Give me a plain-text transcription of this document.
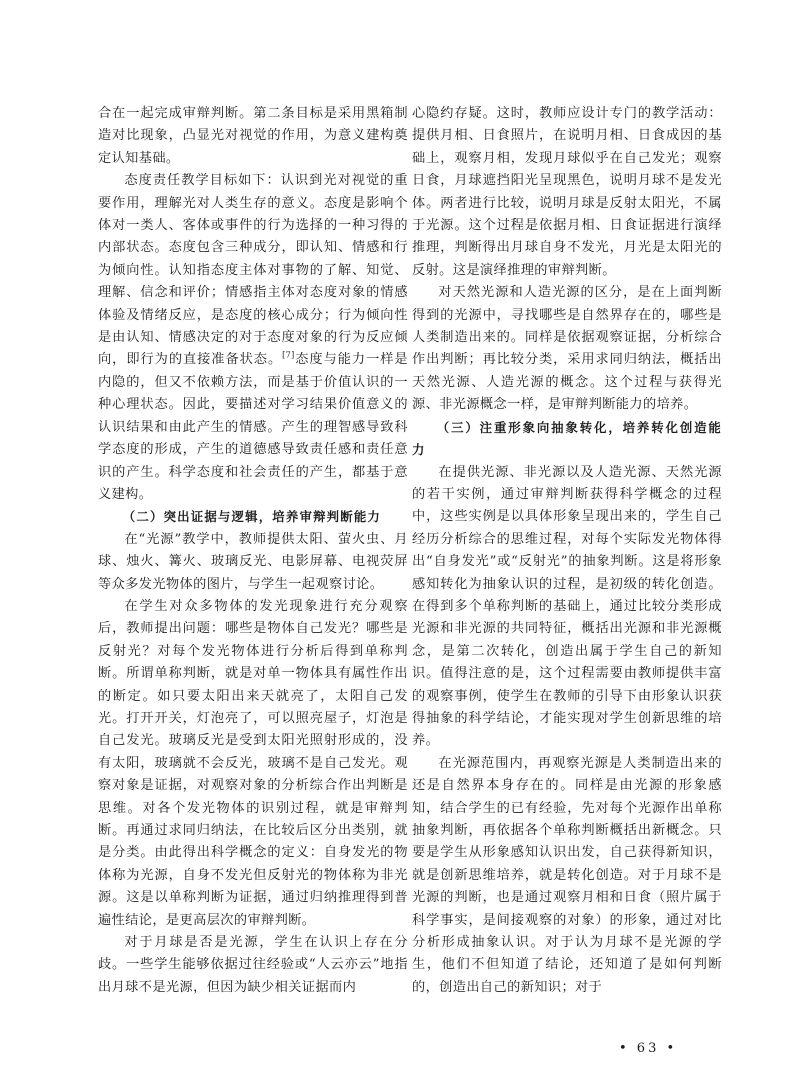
合在一起完成审辩判断。第二条目标是采用黑箱制造对比现象，凸显光对视觉的作用，为意义建构奠定认知基础。

态度责任教学目标如下：认识到光对视觉的重要作用，理解光对人类生存的意义。态度是影响个体对一类人、客体或事件的行为选择的一种习得的内部状态。态度包含三种成分，即认知、情感和行为倾向性。认知指态度主体对事物的了解、知觉、理解、信念和评价；情感指主体对态度对象的情感体验及情绪反应，是态度的核心成分；行为倾向性是由认知、情感决定的对于态度对象的行为反应倾向，即行为的直接准备状态。[7]态度与能力一样是内隐的，但又不依赖方法，而是基于价值认识的一种心理状态。因此，要描述对学习结果价值意义的认识结果和由此产生的情感。产生的理智感导致科学态度的形成，产生的道德感导致责任感和责任意识的产生。科学态度和社会责任的产生，都基于意义建构。

（二）突出证据与逻辑，培养审辩判断能力

在“光源”教学中，教师提供太阳、萤火虫、月球、烛火、篝火、玻璃反光、电影屏幕、电视荧屏等众多发光物体的图片，与学生一起观察讨论。

在学生对众多物体的发光现象进行充分观察后，教师提出问题：哪些是物体自己发光？哪些是反射光？对每个发光物体进行分析后得到单称判断。所谓单称判断，就是对单一物体具有属性作出的断定。如只要太阳出来天就亮了，太阳自己发光。打开开关，灯泡亮了，可以照亮屋子，灯泡是自己发光。玻璃反光是受到太阳光照射形成的，没有太阳，玻璃就不会反光，玻璃不是自己发光。观察对象是证据，对观察对象的分析综合作出判断是思维。对各个发光物体的识别过程，就是审辩判断。再通过求同归纳法，在比较后区分出类别，就是分类。由此得出科学概念的定义：自身发光的物体称为光源，自身不发光但反射光的物体称为非光源。这是以单称判断为证据，通过归纳推理得到普遍性结论，是更高层次的审辩判断。

对于月球是否是光源，学生在认识上存在分歧。一些学生能够依据过往经验或“人云亦云”地指出月球不是光源，但因为缺少相关证据而内

心隐约存疑。这时，教师应设计专门的教学活动：提供月相、日食照片，在说明月相、日食成因的基础上，观察月相，发现月球似乎在自己发光；观察日食，月球遮挡阳光呈现黑色，说明月球不是发光体。两者进行比较，说明月球是反射太阳光，不属于光源。这个过程是依据月相、日食证据进行演绎推理，判断得出月球自身不发光，月光是太阳光的反射。这是演绎推理的审辩判断。

对天然光源和人造光源的区分，是在上面判断得到的光源中，寻找哪些是自然界存在的，哪些是人类制造出来的。同样是依据观察证据，分析综合作出判断；再比较分类，采用求同归纳法，概括出天然光源、人造光源的概念。这个过程与获得光源、非光源概念一样，是审辩判断能力的培养。

（三）注重形象向抽象转化，培养转化创造能力

在提供光源、非光源以及人造光源、天然光源的若干实例，通过审辩判断获得科学概念的过程中，这些实例是以具体形象呈现出来的，学生自己经历分析综合的思维过程，对每个实际发光物体得出“自身发光”或“反射光”的抽象判断。这是将形象感知转化为抽象认识的过程，是初级的转化创造。在得到多个单称判断的基础上，通过比较分类形成光源和非光源的共同特征，概括出光源和非光源概念，是第二次转化，创造出属于学生自己的新知识。值得注意的是，这个过程需要由教师提供丰富的观察事例，使学生在教师的引导下由形象认识获得抽象的科学结论，才能实现对学生创新思维的培养。

在光源范围内，再观察光源是人类制造出来的还是自然界本身存在的。同样是由光源的形象感知，结合学生的已有经验，先对每个光源作出单称抽象判断，再依据各个单称判断概括出新概念。只要是学生从形象感知认识出发，自己获得新知识，就是创新思维培养，就是转化创造。对于月球不是光源的判断，也是通过观察月相和日食（照片属于科学事实，是间接观察的对象）的形象，通过对比分析形成抽象认识。对于认为月球不是光源的学生，他们不但知道了结论，还知道了是如何判断的，创造出自己的新知识；对于

• 63 •
